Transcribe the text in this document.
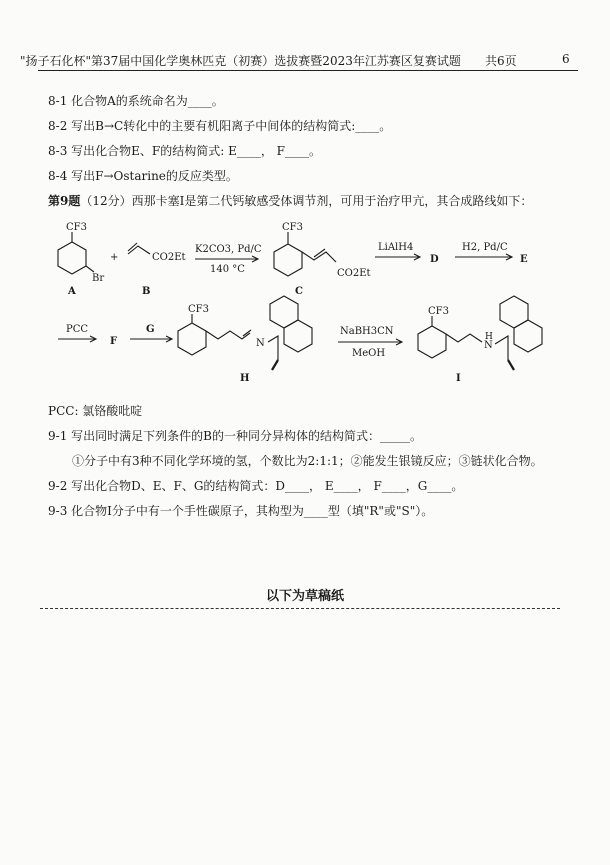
"扬子石化杯"第37届中国化学奥林匹克（初赛）选拔赛暨2023年江苏赛区复赛试题 共6页	6
8-1 化合物A的系统命名为____。
8-2 写出B→C转化中的主要有机阳离子中间体的结构简式:____。
8-3 写出化合物E、F的结构简式: E____， F____。
8-4 写出F→Ostarine的反应类型。
第9题（12分）西那卡塞I是第二代钙敏感受体调节剂，可用于治疗甲亢，其合成路线如下：
CF3
Br
A
+	CO2Et
B
K2CO3, Pd/C
140 °C
CF3
CO2Et
C
LiAlH4
D
H2, Pd/C
E
PCC
F
G
CF3
N
H
NaBH3CN
MeOH
CF3
N
H
I
PCC: 氯铬酸吡啶
9-1 写出同时满足下列条件的B的一种同分异构体的结构简式：_____。
①分子中有3种不同化学环境的氢，个数比为2:1:1；②能发生银镜反应；③链状化合物。
9-2 写出化合物D、E、F、G的结构简式：D____， E____， F____，G____。
9-3 化合物I分子中有一个手性碳原子，其构型为____型（填"R"或"S"）。
以下为草稿纸
